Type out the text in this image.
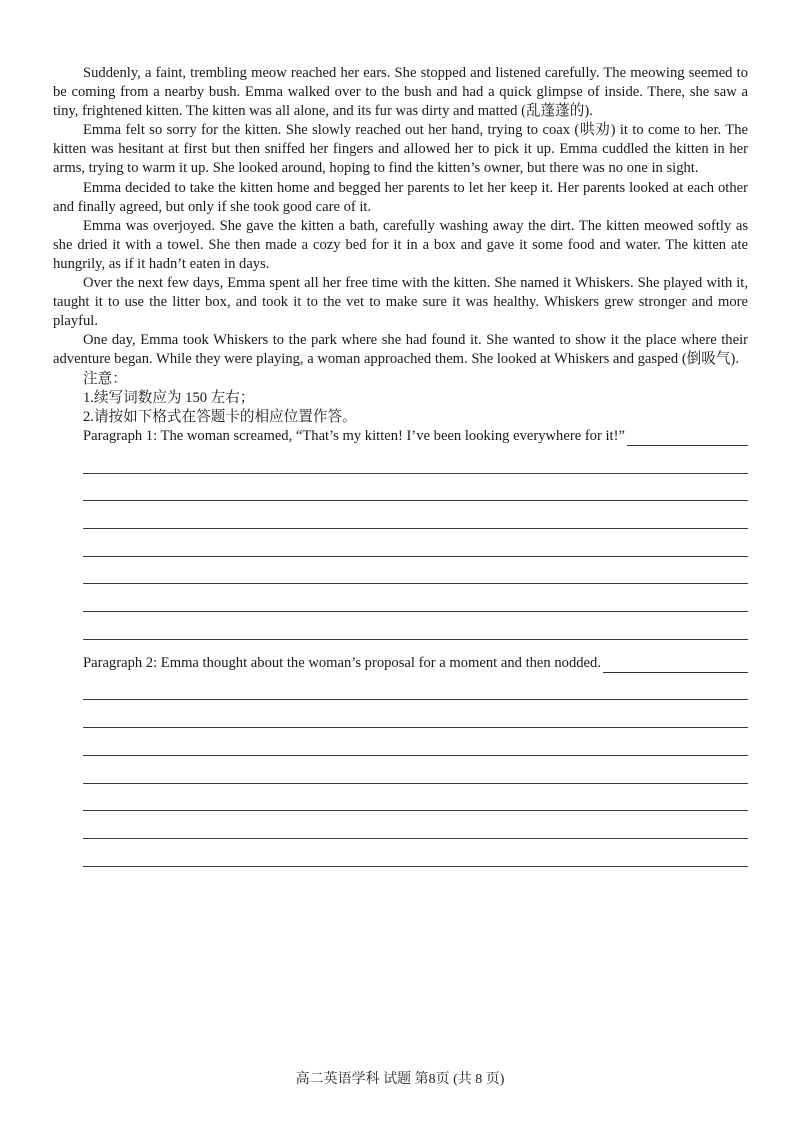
Suddenly, a faint, trembling meow reached her ears. She stopped and listened carefully. The meowing seemed to be coming from a nearby bush. Emma walked over to the bush and had a quick glimpse of inside. There, she saw a tiny, frightened kitten. The kitten was all alone, and its fur was dirty and matted (乱蓬蓬的).

Emma felt so sorry for the kitten. She slowly reached out her hand, trying to coax (哄劝) it to come to her. The kitten was hesitant at first but then sniffed her fingers and allowed her to pick it up. Emma cuddled the kitten in her arms, trying to warm it up. She looked around, hoping to find the kitten’s owner, but there was no one in sight.

Emma decided to take the kitten home and begged her parents to let her keep it. Her parents looked at each other and finally agreed, but only if she took good care of it.

Emma was overjoyed. She gave the kitten a bath, carefully washing away the dirt. The kitten meowed softly as she dried it with a towel. She then made a cozy bed for it in a box and gave it some food and water. The kitten ate hungrily, as if it hadn’t eaten in days.

Over the next few days, Emma spent all her free time with the kitten. She named it Whiskers. She played with it, taught it to use the litter box, and took it to the vet to make sure it was healthy. Whiskers grew stronger and more playful.

One day, Emma took Whiskers to the park where she had found it. She wanted to show it the place where their adventure began. While they were playing, a woman approached them. She looked at Whiskers and gasped (倒吸气).

注意：

1.续写词数应为 150 左右；

2.请按如下格式在答题卡的相应位置作答。

Paragraph 1: The woman screamed, “That’s my kitten! I’ve been looking everywhere for it!”
Paragraph 2: Emma thought about the woman’s proposal for a moment and then nodded.
高二英语学科 试题 第8页 (共 8 页)
